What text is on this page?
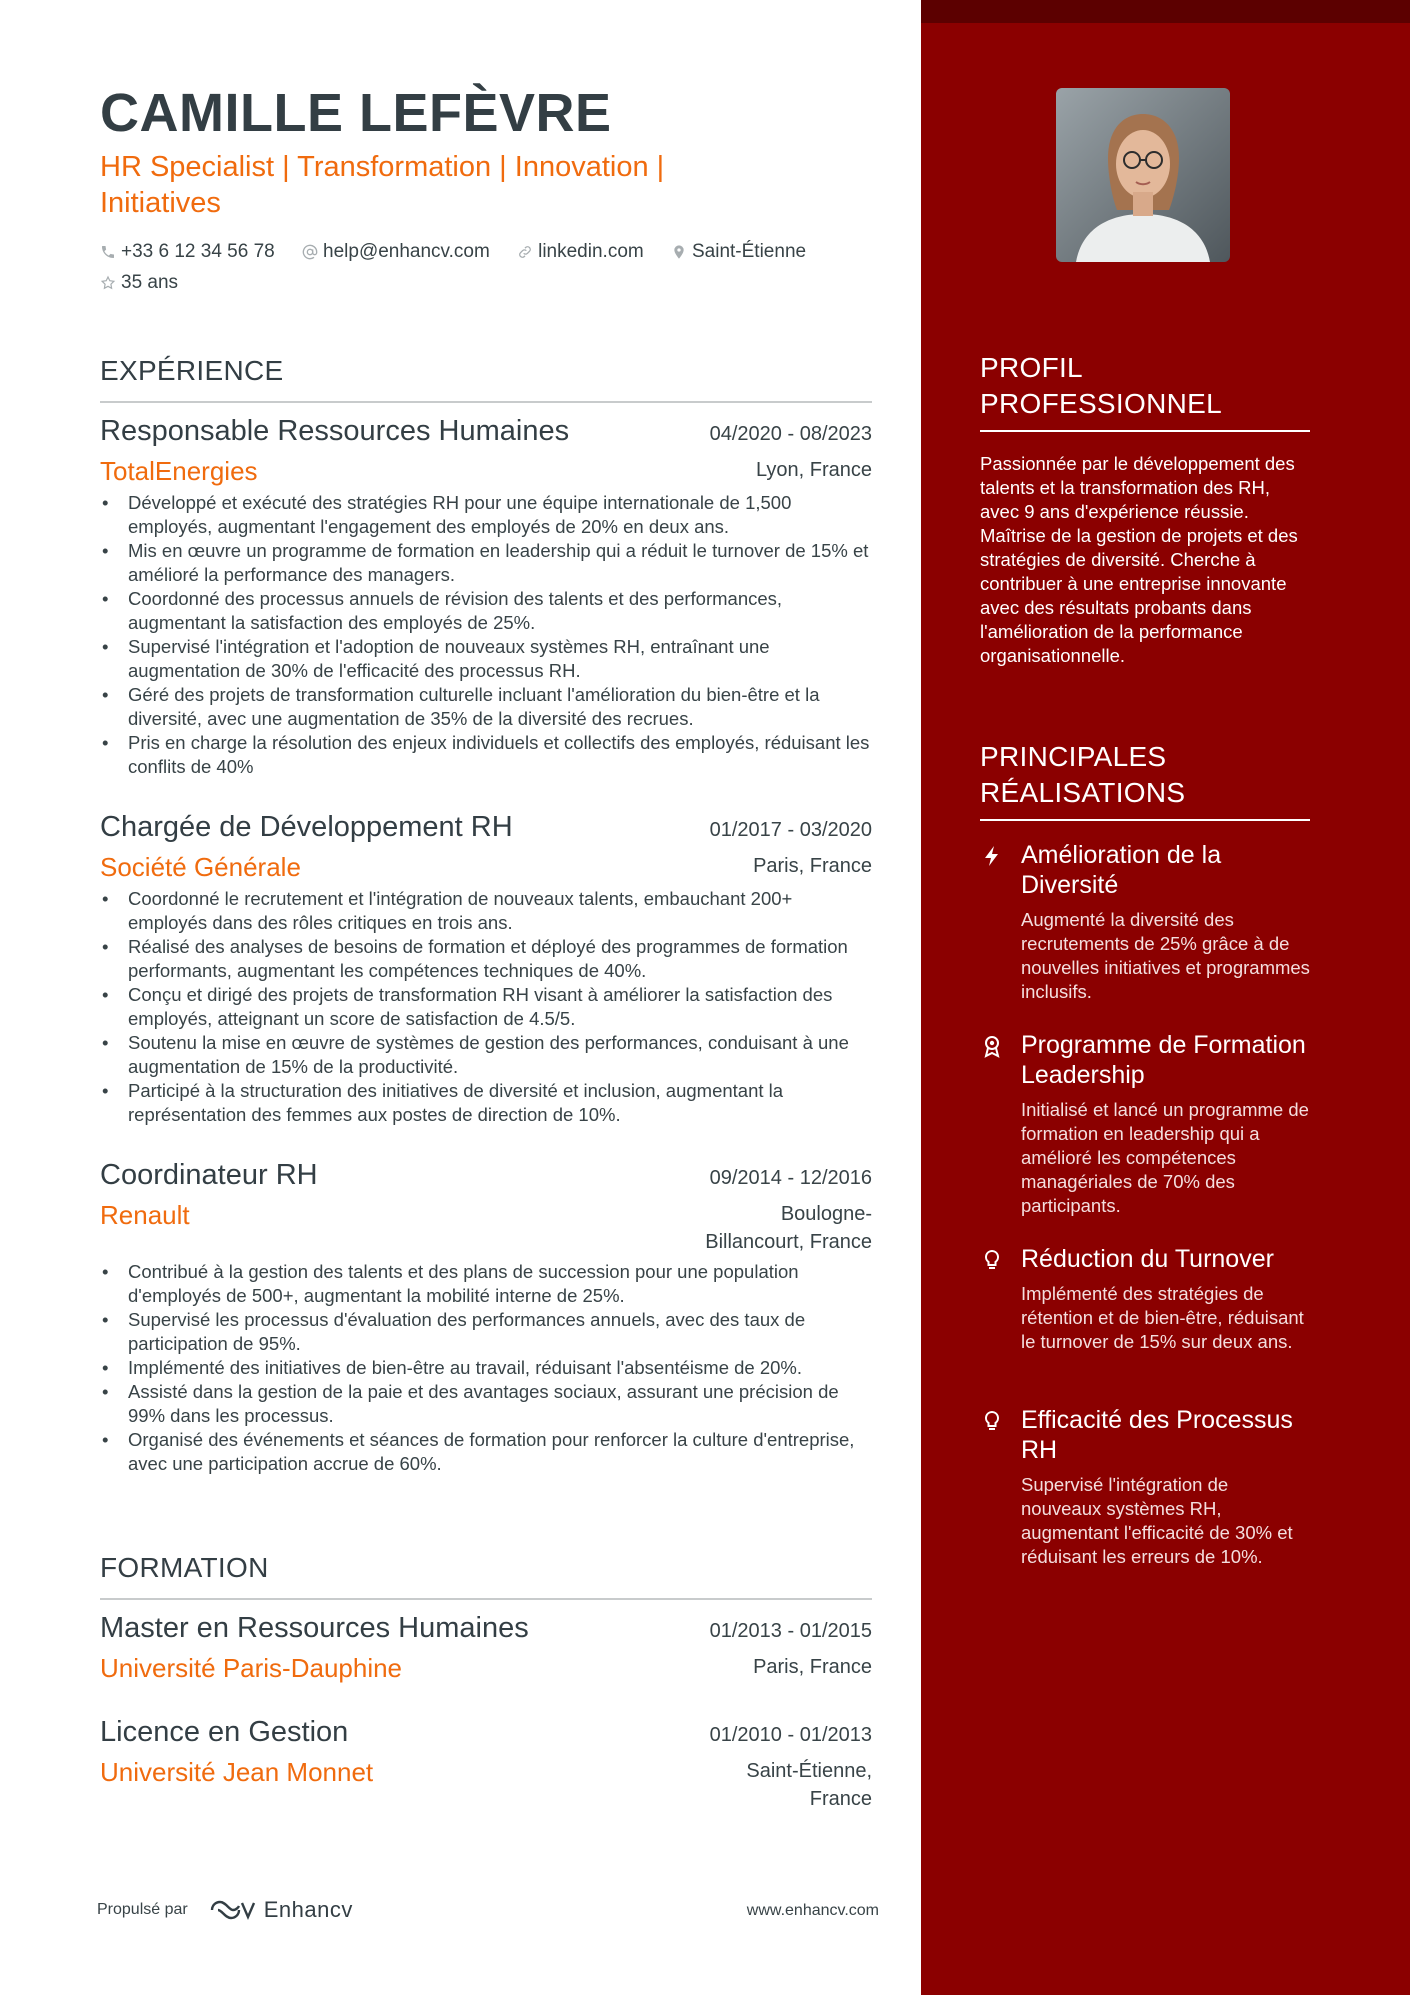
CAMILLE LEFÈVRE
HR Specialist | Transformation | Innovation | Initiatives
+33 6 12 34 56 78
	help@enhancv.com
	linkedin.com
	Saint-Étienne

35 ans
EXPÉRIENCE
Responsable Ressources Humaines	04/2020 - 08/2023
TotalEnergies	Lyon, France
• Développé et exécuté des stratégies RH pour une équipe internationale de 1,500 employés, augmentant l'engagement des employés de 20% en deux ans.
• Mis en œuvre un programme de formation en leadership qui a réduit le turnover de 15% et amélioré la performance des managers.
• Coordonné des processus annuels de révision des talents et des performances, augmentant la satisfaction des employés de 25%.
• Supervisé l'intégration et l'adoption de nouveaux systèmes RH, entraînant une augmentation de 30% de l'efficacité des processus RH.
• Géré des projets de transformation culturelle incluant l'amélioration du bien-être et la diversité, avec une augmentation de 35% de la diversité des recrues.
• Pris en charge la résolution des enjeux individuels et collectifs des employés, réduisant les conflits de 40%
Chargée de Développement RH	01/2017 - 03/2020
Société Générale	Paris, France
• Coordonné le recrutement et l'intégration de nouveaux talents, embauchant 200+ employés dans des rôles critiques en trois ans.
• Réalisé des analyses de besoins de formation et déployé des programmes de formation performants, augmentant les compétences techniques de 40%.
• Conçu et dirigé des projets de transformation RH visant à améliorer la satisfaction des employés, atteignant un score de satisfaction de 4.5/5.
• Soutenu la mise en œuvre de systèmes de gestion des performances, conduisant à une augmentation de 15% de la productivité.
• Participé à la structuration des initiatives de diversité et inclusion, augmentant la représentation des femmes aux postes de direction de 10%.
Coordinateur RH	09/2014 - 12/2016
Renault	Boulogne-Billancourt, France
• Contribué à la gestion des talents et des plans de succession pour une population d'employés de 500+, augmentant la mobilité interne de 25%.
• Supervisé les processus d'évaluation des performances annuels, avec des taux de participation de 95%.
• Implémenté des initiatives de bien-être au travail, réduisant l'absentéisme de 20%.
• Assisté dans la gestion de la paie et des avantages sociaux, assurant une précision de 99% dans les processus.
• Organisé des événements et séances de formation pour renforcer la culture d'entreprise, avec une participation accrue de 60%.
FORMATION
Master en Ressources Humaines	01/2013 - 01/2015
Université Paris-Dauphine	Paris, France
Licence en Gestion	01/2010 - 01/2013
Université Jean Monnet	Saint-Étienne, France
Propulsé par	Enhancv	www.enhancv.com
PROFIL PROFESSIONNEL
Passionnée par le développement des talents et la transformation des RH, avec 9 ans d'expérience réussie. Maîtrise de la gestion de projets et des stratégies de diversité. Cherche à contribuer à une entreprise innovante avec des résultats probants dans l'amélioration de la performance organisationnelle.
PRINCIPALES RÉALISATIONS
Amélioration de la Diversité
Augmenté la diversité des recrutements de 25% grâce à de nouvelles initiatives et programmes inclusifs.
Programme de Formation Leadership
Initialisé et lancé un programme de formation en leadership qui a amélioré les compétences managériales de 70% des participants.
Réduction du Turnover
Implémenté des stratégies de rétention et de bien-être, réduisant le turnover de 15% sur deux ans.
Efficacité des Processus RH
Supervisé l'intégration de nouveaux systèmes RH, augmentant l'efficacité de 30% et réduisant les erreurs de 10%.
